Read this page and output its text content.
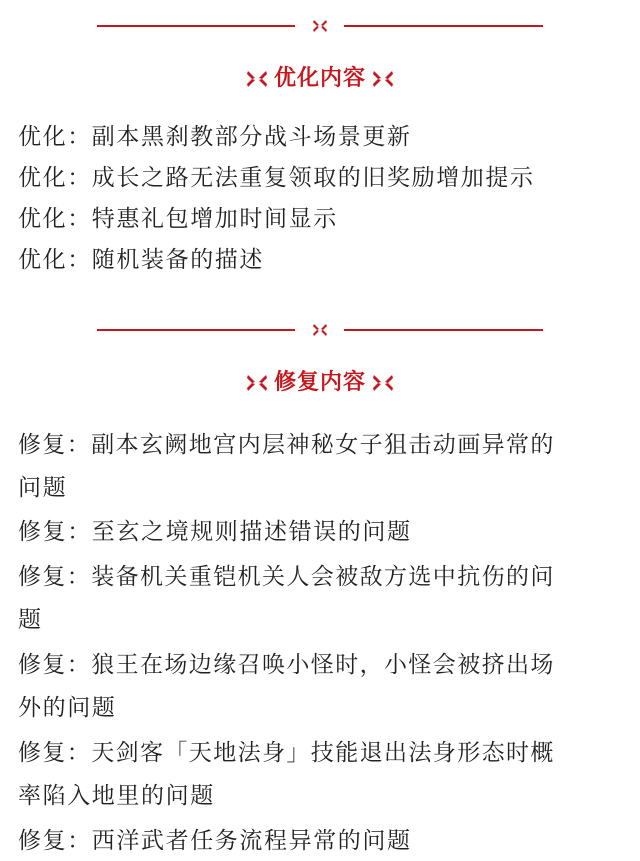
优化内容
优化：副本黑刹教部分战斗场景更新
优化：成长之路无法重复领取的旧奖励增加提示
优化：特惠礼包增加时间显示
优化：随机装备的描述
修复内容
修复：副本玄阙地宫内层神秘女子狙击动画异常的
问题
修复：至玄之境规则描述错误的问题
修复：装备机关重铠机关人会被敌方选中抗伤的问
题
修复：狼王在场边缘召唤小怪时，小怪会被挤出场
外的问题
修复：天剑客「天地法身」技能退出法身形态时概
率陷入地里的问题
修复：西洋武者任务流程异常的问题
